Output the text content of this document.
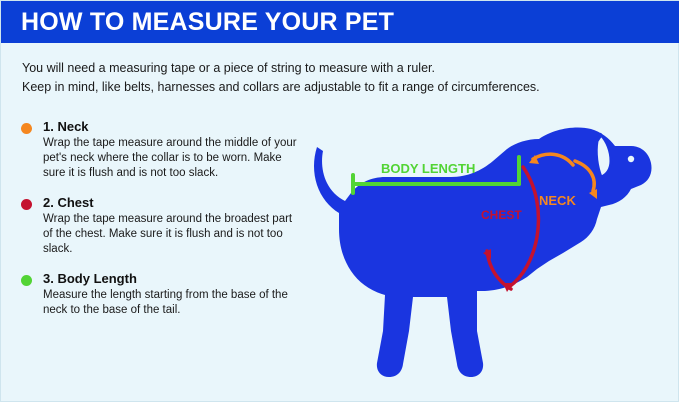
HOW TO MEASURE YOUR PET
You will need a measuring tape or a piece of string to measure with a ruler.
Keep in mind, like belts, harnesses and collars are adjustable to fit a range of circumferences.
1. Neck
Wrap the tape measure around the middle of your pet's neck where the collar is to be worn. Make sure it is flush and is not too slack.
2. Chest
Wrap the tape measure around the broadest part of the chest. Make sure it is flush and is not too slack.
3. Body Length
Measure the length starting from the base of the neck to the base of the tail.
BODY LENGTH
NECK
CHEST
